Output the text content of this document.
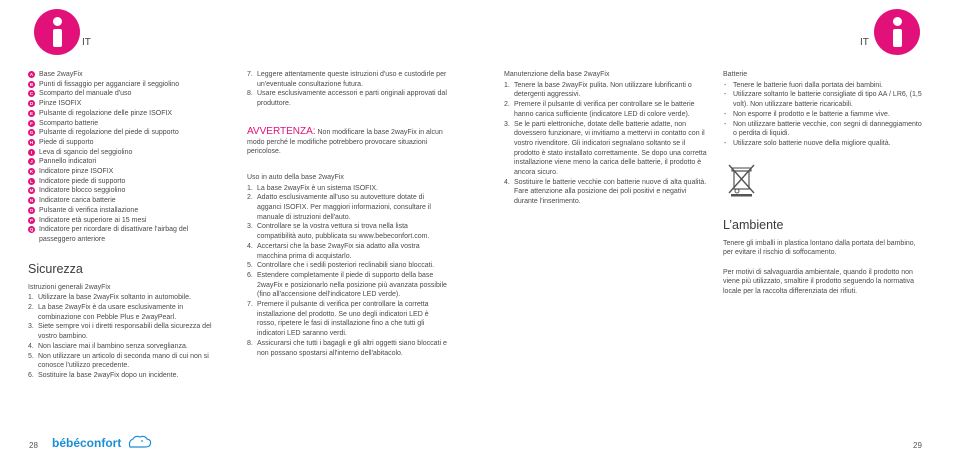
IT
A Base 2wayFix
B Punti di fissaggio per agganciare il seggiolino
C Scomparto del manuale d'uso
D Pinze ISOFIX
E Pulsante di regolazione delle pinze ISOFIX
F Scomparto batterie
G Pulsante di regolazione del piede di supporto
H Piede di supporto
I Leva di sgancio del seggiolino
J Pannello indicatori
K Indicatore pinze ISOFIX
L Indicatore piede di supporto
M Indicatore blocco seggiolino
N Indicatore carica batterie
O Pulsante di verifica installazione
P Indicatore età superiore ai 15 mesi
Q Indicatore per ricordare di disattivare l'airbag del passeggero anteriore
Sicurezza
Istruzioni generali 2wayFix
1. Utilizzare la base 2wayFix soltanto in automobile.
2. La base 2wayFix è da usare esclusivamente in combinazione con Pebble Plus e 2wayPearl.
3. Siete sempre voi i diretti responsabili della sicurezza del vostro bambino.
4. Non lasciare mai il bambino senza sorveglianza.
5. Non utilizzare un articolo di seconda mano di cui non si conosce l'utilizzo precedente.
6. Sostituire la base 2wayFix dopo un incidente.
7. Leggere attentamente queste istruzioni d'uso e custodirle per un'eventuale consultazione futura.
8. Usare esclusivamente accessori e parti originali approvati dal produttore.
AVVERTENZA: Non modificare la base 2wayFix in alcun modo perché le modifiche potrebbero provocare situazioni pericolose.
Uso in auto della base 2wayFix
1. La base 2wayFix è un sistema ISOFIX.
2. Adatto esclusivamente all'uso su autovetture dotate di agganci ISOFIX. Per maggiori informazioni, consultare il manuale di istruzioni dell'auto.
3. Controllare se la vostra vettura si trova nella lista compatibilità auto, pubblicata su www.bebeconfort.com.
4. Accertarsi che la base 2wayFix sia adatto alla vostra macchina prima di acquistarlo.
5. Controllare che i sedili posteriori reclinabili siano bloccati.
6. Estendere completamente il piede di supporto della base 2wayFix e posizionarlo nella posizione più avanzata possibile (fino all'accensione dell'indicatore LED verde).
7. Premere il pulsante di verifica per controllare la corretta installazione del prodotto. Se uno degli indicatori LED è rosso, ripetere le fasi di installazione fino a che tutti gli indicatori LED saranno verdi.
8. Assicurarsi che tutti i bagagli e gli altri oggetti siano bloccati e non possano spostarsi all'interno dell'abitacolo.
28 bébéconfort
IT
Manutenzione della base 2wayFix
1. Tenere la base 2wayFix pulita. Non utilizzare lubrificanti o detergenti aggressivi.
2. Premere il pulsante di verifica per controllare se le batterie hanno carica sufficiente (indicatore LED di colore verde).
3. Se le parti elettroniche, dotate delle batterie adatte, non dovessero funzionare, vi invitiamo a mettervi in contatto con il vostro rivenditore. Gli indicatori segnalano soltanto se il prodotto è stato installato correttamente. Se dopo una corretta installazione viene meno la carica delle batterie, il prodotto è ancora sicuro.
4. Sostituire le batterie vecchie con batterie nuove di alta qualità. Fare attenzione alla posizione dei poli positivi e negativi durante l'inserimento.
Batterie
- Tenere le batterie fuori dalla portata dei bambini.
- Utilizzare soltanto le batterie consigliate di tipo AA / LR6, (1,5 volt). Non utilizzare batterie ricaricabili.
- Non esporre il prodotto e le batterie a fiamme vive.
- Non utilizzare batterie vecchie, con segni di danneggiamento o perdita di liquidi.
- Utilizzare solo batterie nuove della migliore qualità.
L’ambiente
Tenere gli imballi in plastica lontano dalla portata del bambino, per evitare il rischio di soffocamento.
Per motivi di salvaguardia ambientale, quando il prodotto non viene più utilizzato, smaltire il prodotto seguendo la normativa locale per la raccolta differenziata dei rifiuti.
29
